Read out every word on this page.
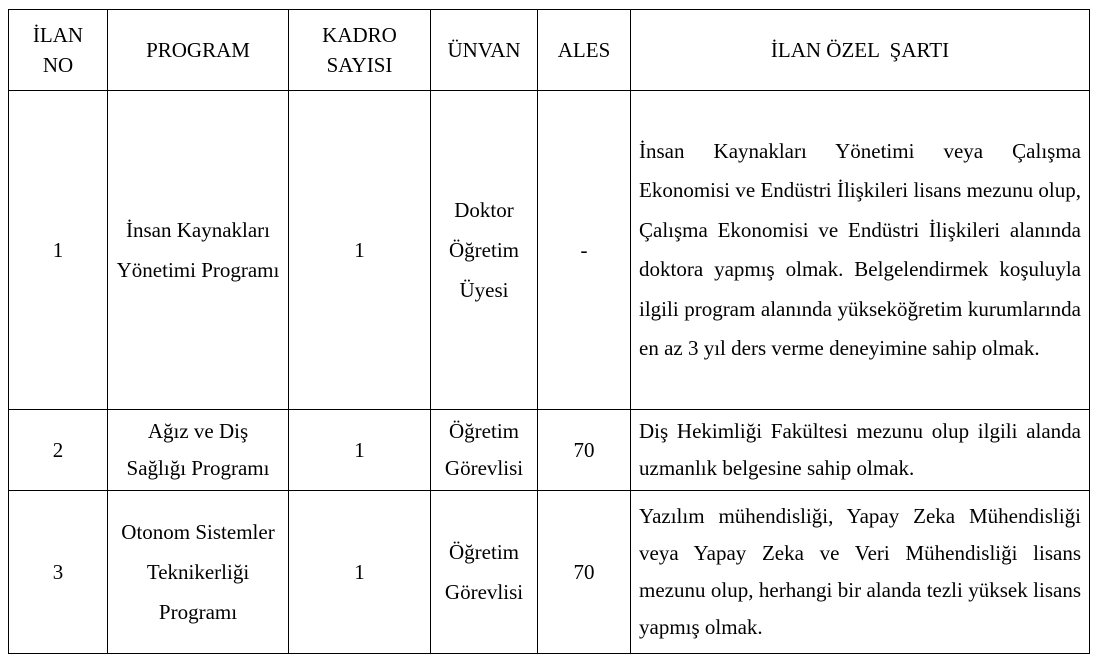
İLAN NO	PROGRAM	KADRO SAYISI	ÜNVAN	ALES	İLAN ÖZEL  ŞARTI
1	İnsan Kaynakları Yönetimi Programı	1	Doktor Öğretim Üyesi	-	İnsan Kaynakları Yönetimi veya Çalışma Ekonomisi ve Endüstri İlişkileri lisans mezunu olup, Çalışma Ekonomisi ve Endüstri İlişkileri alanında doktora yapmış olmak. Belgelendirmek koşuluyla ilgili program alanında yükseköğretim kurumlarında en az 3 yıl ders verme deneyimine sahip olmak.
2	Ağız ve Diş Sağlığı Programı	1	Öğretim Görevlisi	70	Diş Hekimliği Fakültesi mezunu olup ilgili alanda uzmanlık belgesine sahip olmak.
3	Otonom Sistemler Teknikerliği Programı	1	Öğretim Görevlisi	70	Yazılım mühendisliği, Yapay Zeka Mühendisliği veya Yapay Zeka ve Veri Mühendisliği lisans mezunu olup, herhangi bir alanda tezli yüksek lisans yapmış olmak.
